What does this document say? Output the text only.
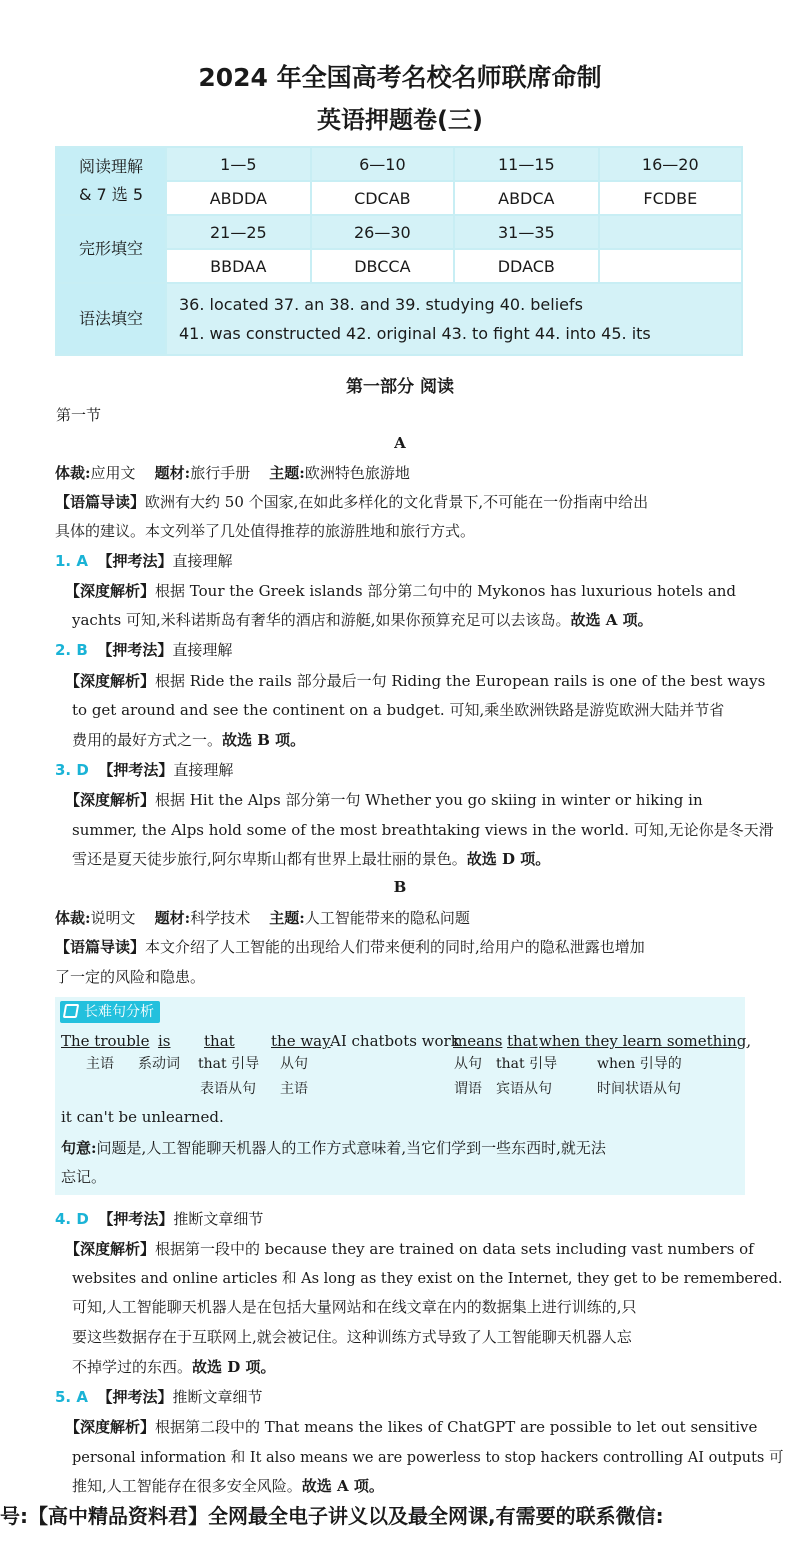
2024 年全国高考名校名师联席命制
英语押题卷(三)
阅读理解
& 7 选 5	1—5	6—10	11—15	16—20
	ABDDA	CDCAB	ABDCA	FCDBE
完形填空	21—25	26—30	31—35	
	BBDAA	DBCCA	DDACB	
语法填空	36. located 37. an 38. and 39. studying 40. beliefs
41. was constructed 42. original 43. to fight 44. into 45. its			
第一部分 阅读
第一节
A
体裁:应用文 题材:旅行手册 主题:欧洲特色旅游地
【语篇导读】欧洲有大约 50 个国家,在如此多样化的文化背景下,不可能在一份指南中给出
具体的建议。本文列举了几处值得推荐的旅游胜地和旅行方式。
1. A 【押考法】直接理解
【深度解析】根据 Tour the Greek islands 部分第二句中的 Mykonos has luxurious hotels and
yachts 可知,米科诺斯岛有奢华的酒店和游艇,如果你预算充足可以去该岛。故选 A 项。
2. B 【押考法】直接理解
【深度解析】根据 Ride the rails 部分最后一句 Riding the European rails is one of the best ways
to get around and see the continent on a budget. 可知,乘坐欧洲铁路是游览欧洲大陆并节省
费用的最好方式之一。故选 B 项。
3. D 【押考法】直接理解
【深度解析】根据 Hit the Alps 部分第一句 Whether you go skiing in winter or hiking in
summer, the Alps hold some of the most breathtaking views in the world. 可知,无论你是冬天滑
雪还是夏天徒步旅行,阿尔卑斯山都有世界上最壮丽的景色。故选 D 项。
B
体裁:说明文 题材:科学技术 主题:人工智能带来的隐私问题
【语篇导读】本文介绍了人工智能的出现给人们带来便利的同时,给用户的隐私泄露也增加
了一定的风险和隐患。
长难句分析
The trouble is that the way AI chatbots work
means that when they learn something,
主语 系动词 that 引导 从句	从句 that 引导	when 引导的
表语从句 主语	谓语 宾语从句	时间状语从句
it can't be unlearned.
句意:问题是,人工智能聊天机器人的工作方式意味着,当它们学到一些东西时,就无法
忘记。
4. D 【押考法】推断文章细节
【深度解析】根据第一段中的 because they are trained on data sets including vast numbers of
websites and online articles 和 As long as they exist on the Internet, they get to be remembered.
可知,人工智能聊天机器人是在包括大量网站和在线文章在内的数据集上进行训练的,只
要这些数据存在于互联网上,就会被记住。这种训练方式导致了人工智能聊天机器人忘
不掉学过的东西。故选 D 项。
5. A 【押考法】推断文章细节
【深度解析】根据第二段中的 That means the likes of ChatGPT are possible to let out sensitive
personal information 和 It also means we are powerless to stop hackers controlling AI outputs 可
推知,人工智能存在很多安全风险。故选 A 项。
号:【高中精品资料君】全网最全电子讲义以及最全网课,有需要的联系微信:
